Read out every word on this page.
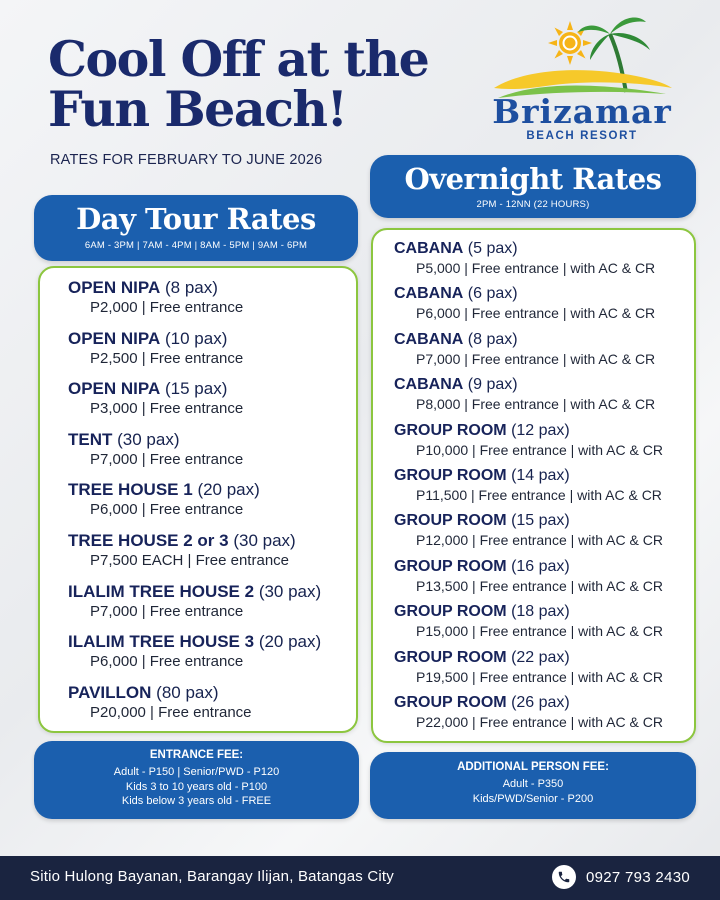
Cool Off at the
Fun Beach!
RATES FOR FEBRUARY TO JUNE 2026
Brizamar
BEACH RESORT
Day Tour Rates
6AM - 3PM | 7AM - 4PM | 8AM - 5PM | 9AM - 6PM
OPEN NIPA (8 pax)
P2,000 | Free entrance
OPEN NIPA (10 pax)
P2,500 | Free entrance
OPEN NIPA (15 pax)
P3,000 | Free entrance
TENT (30 pax)
P7,000 | Free entrance
TREE HOUSE 1 (20 pax)
P6,000 | Free entrance
TREE HOUSE 2 or 3 (30 pax)
P7,500 EACH | Free entrance
ILALIM TREE HOUSE 2 (30 pax)
P7,000 | Free entrance
ILALIM TREE HOUSE 3 (20 pax)
P6,000 | Free entrance
PAVILLON (80 pax)
P20,000 | Free entrance
Overnight Rates
2PM - 12NN (22 HOURS)
CABANA (5 pax)
P5,000 | Free entrance | with AC & CR
CABANA (6 pax)
P6,000 | Free entrance | with AC & CR
CABANA (8 pax)
P7,000 | Free entrance | with AC & CR
CABANA (9 pax)
P8,000 | Free entrance | with AC & CR
GROUP ROOM (12 pax)
P10,000 | Free entrance | with AC & CR
GROUP ROOM (14 pax)
P11,500 | Free entrance | with AC & CR
GROUP ROOM (15 pax)
P12,000 | Free entrance | with AC & CR
GROUP ROOM (16 pax)
P13,500 | Free entrance | with AC & CR
GROUP ROOM (18 pax)
P15,000 | Free entrance | with AC & CR
GROUP ROOM (22 pax)
P19,500 | Free entrance | with AC & CR
GROUP ROOM (26 pax)
P22,000 | Free entrance | with AC & CR
ENTRANCE FEE:
Adult - P150 | Senior/PWD - P120
Kids 3 to 10 years old - P100
Kids below 3 years old - FREE
ADDITIONAL PERSON FEE:
Adult - P350
Kids/PWD/Senior - P200
Sitio Hulong Bayanan, Barangay Ilijan, Batangas City	0927 793 2430
